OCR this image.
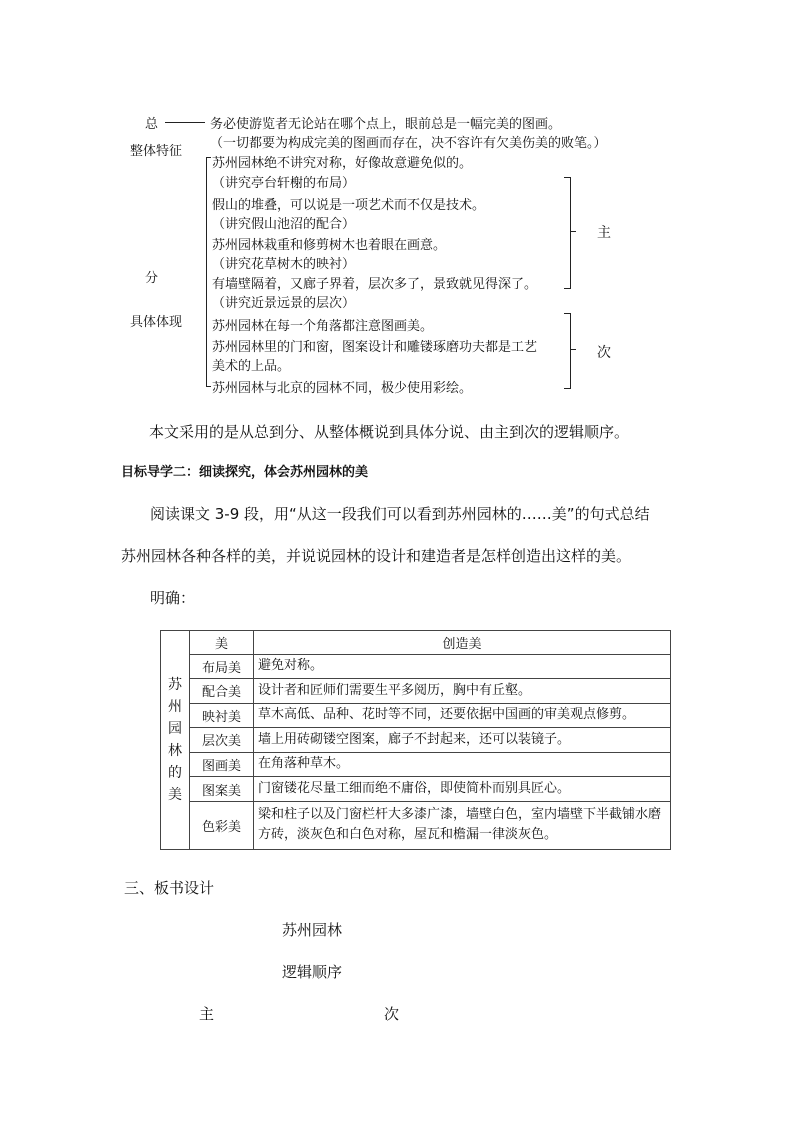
总	务必使游览者无论站在哪个点上，眼前总是一幅完美的图画。
（一切都要为构成完美的图画而存在，决不容许有欠美伤美的败笔。）
整体特征
分
具体体现
苏州园林绝不讲究对称，好像故意避免似的。
（讲究亭台轩榭的布局）
假山的堆叠，可以说是一项艺术而不仅是技术。
（讲究假山池沼的配合）
苏州园林栽重和修剪树木也着眼在画意。
（讲究花草树木的映衬）
有墙壁隔着，又廊子界着，层次多了，景致就见得深了。
（讲究近景远景的层次）
苏州园林在每一个角落都注意图画美。
苏州园林里的门和窗，图案设计和雕镂琢磨功夫都是工艺
美术的上品。
苏州园林与北京的园林不同，极少使用彩绘。
主
次
本文采用的是从总到分、从整体概说到具体分说、由主到次的逻辑顺序。
目标导学二：细读探究，体会苏州园林的美
阅读课文 3-9 段，用“从这一段我们可以看到苏州园林的……美”的句式总结
苏州园林各种各样的美，并说说园林的设计和建造者是怎样创造出这样的美。
明确：
苏州园林的美	美	创造美
	布局美	避免对称。
	配合美	设计者和匠师们需要生平多阅历，胸中有丘壑。
	映衬美	草木高低、品种、花时等不同，还要依据中国画的审美观点修剪。
	层次美	墙上用砖砌镂空图案，廊子不封起来，还可以装镜子。
	图画美	在角落种草木。
	图案美	门窗镂花尽量工细而绝不庸俗，即使简朴而别具匠心。
	色彩美	梁和柱子以及门窗栏杆大多漆广漆，墙壁白色，室内墙壁下半截铺水磨方砖，淡灰色和白色对称，屋瓦和檐漏一律淡灰色。
三、板书设计
苏州园林
逻辑顺序
主	次
